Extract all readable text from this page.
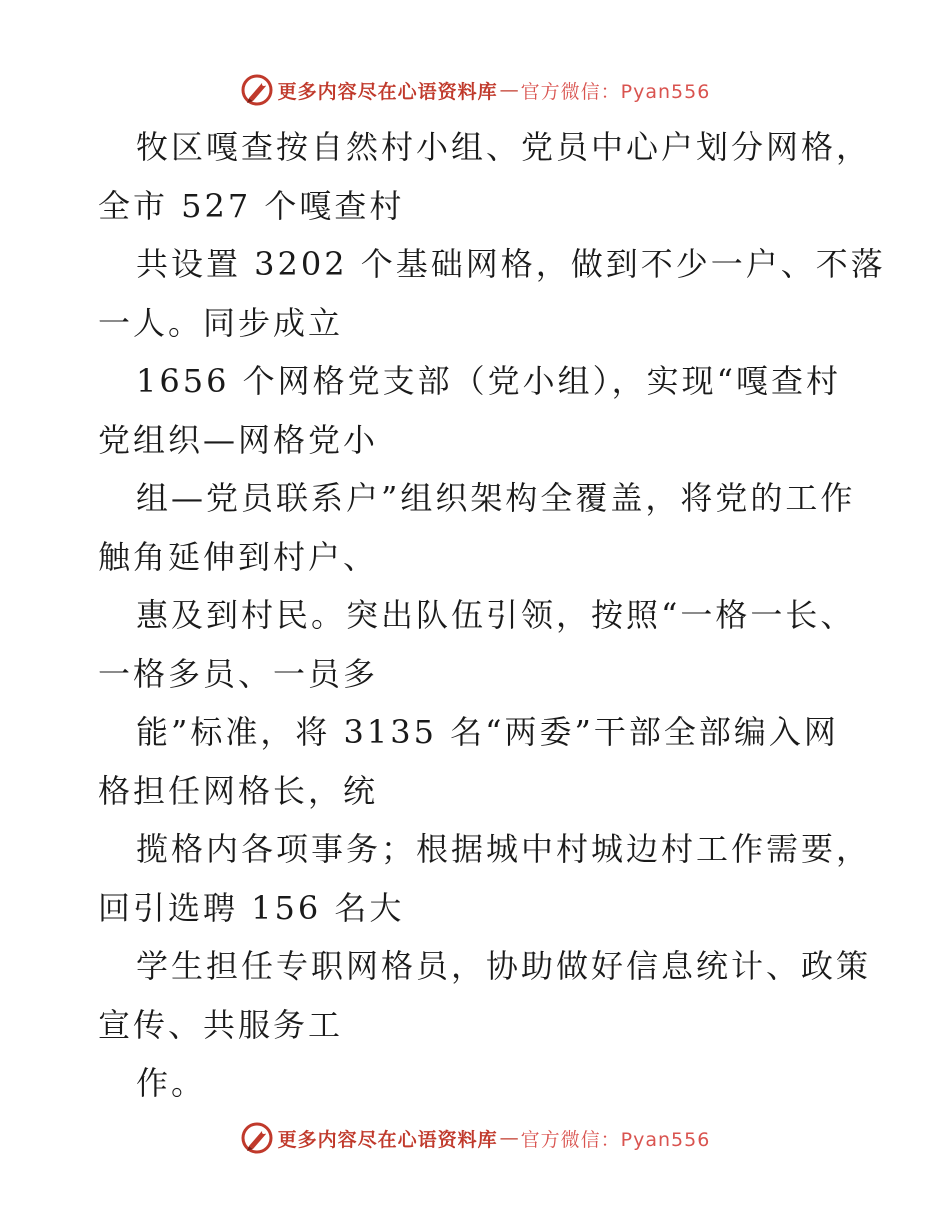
更多内容尽在心语资料库 — 官方微信：Pyan556
牧区嘎查按自然村小组、党员中心户划分网格，
全市 527 个嘎查村
共设置 3202 个基础网格，做到不少一户、不落
一人。同步成立
1656 个网格党支部（党小组），实现“嘎查村
党组织—网格党小
组—党员联系户”组织架构全覆盖，将党的工作
触角延伸到村户、
惠及到村民。突出队伍引领，按照“一格一长、
一格多员、一员多
能”标准，将 3135 名“两委”干部全部编入网
格担任网格长，统
揽格内各项事务；根据城中村城边村工作需要，
回引选聘 156 名大
学生担任专职网格员，协助做好信息统计、政策
宣传、共服务工
作。
更多内容尽在心语资料库 — 官方微信：Pyan556
